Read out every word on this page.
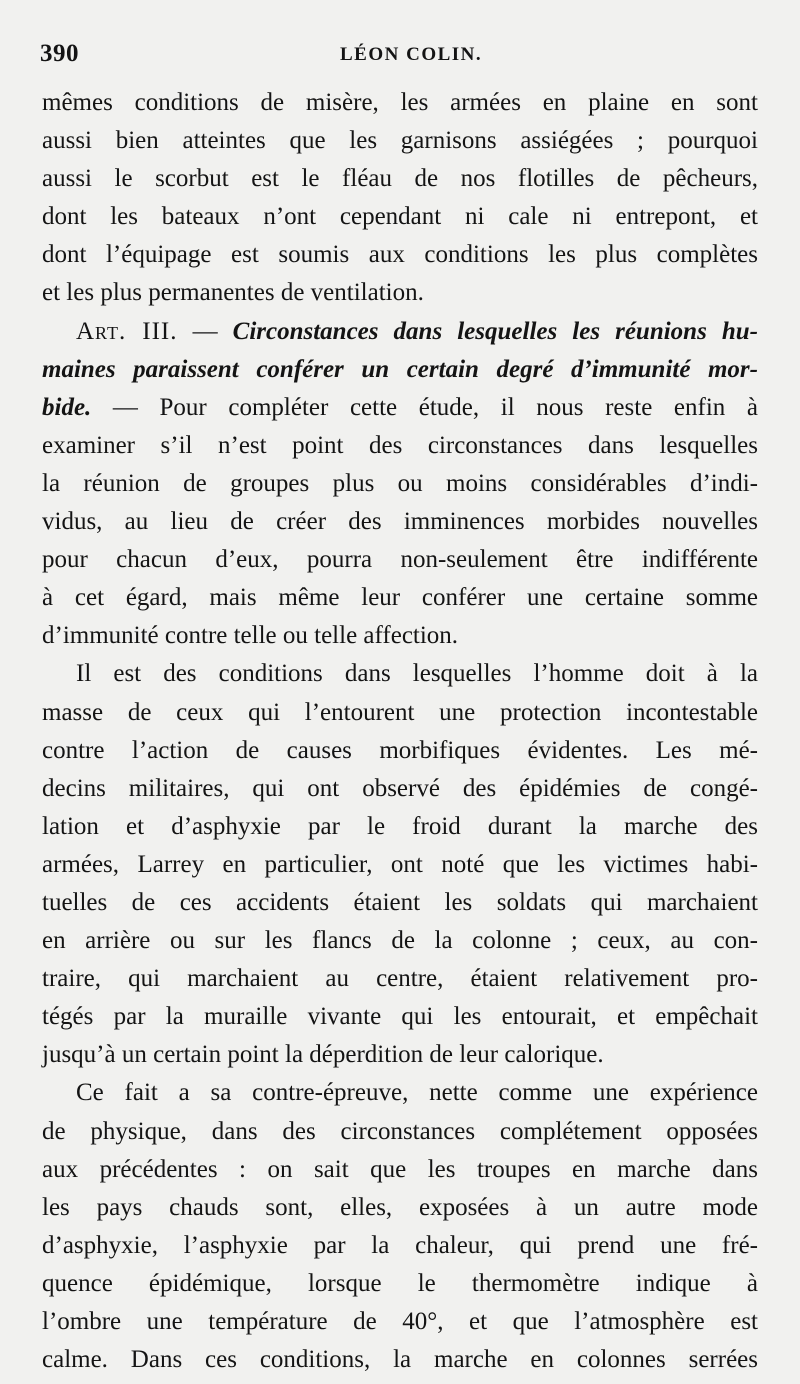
390	LÉON COLIN.
mêmes conditions de misère, les armées en plaine en sont
aussi bien atteintes que les garnisons assiégées ; pourquoi
aussi le scorbut est le fléau de nos flotilles de pêcheurs,
dont les bateaux n’ont cependant ni cale ni entrepont, et
dont l’équipage est soumis aux conditions les plus complètes
et les plus permanentes de ventilation.
Art. III. — Circonstances dans lesquelles les réunions hu-
maines paraissent conférer un certain degré d’immunité mor-
bide. — Pour compléter cette étude, il nous reste enfin à
examiner s’il n’est point des circonstances dans lesquelles
la réunion de groupes plus ou moins considérables d’indi-
vidus, au lieu de créer des imminences morbides nouvelles
pour chacun d’eux, pourra non-seulement être indifférente
à cet égard, mais même leur conférer une certaine somme
d’immunité contre telle ou telle affection.
Il est des conditions dans lesquelles l’homme doit à la
masse de ceux qui l’entourent une protection incontestable
contre l’action de causes morbifiques évidentes. Les mé-
decins militaires, qui ont observé des épidémies de congé-
lation et d’asphyxie par le froid durant la marche des
armées, Larrey en particulier, ont noté que les victimes habi-
tuelles de ces accidents étaient les soldats qui marchaient
en arrière ou sur les flancs de la colonne ; ceux, au con-
traire, qui marchaient au centre, étaient relativement pro-
tégés par la muraille vivante qui les entourait, et empêchait
jusqu’à un certain point la déperdition de leur calorique.
Ce fait a sa contre-épreuve, nette comme une expérience
de physique, dans des circonstances complétement opposées
aux précédentes : on sait que les troupes en marche dans
les pays chauds sont, elles, exposées à un autre mode
d’asphyxie, l’asphyxie par la chaleur, qui prend une fré-
quence épidémique, lorsque le thermomètre indique à
l’ombre une température de 40°, et que l’atmosphère est
calme. Dans ces conditions, la marche en colonnes serrées
